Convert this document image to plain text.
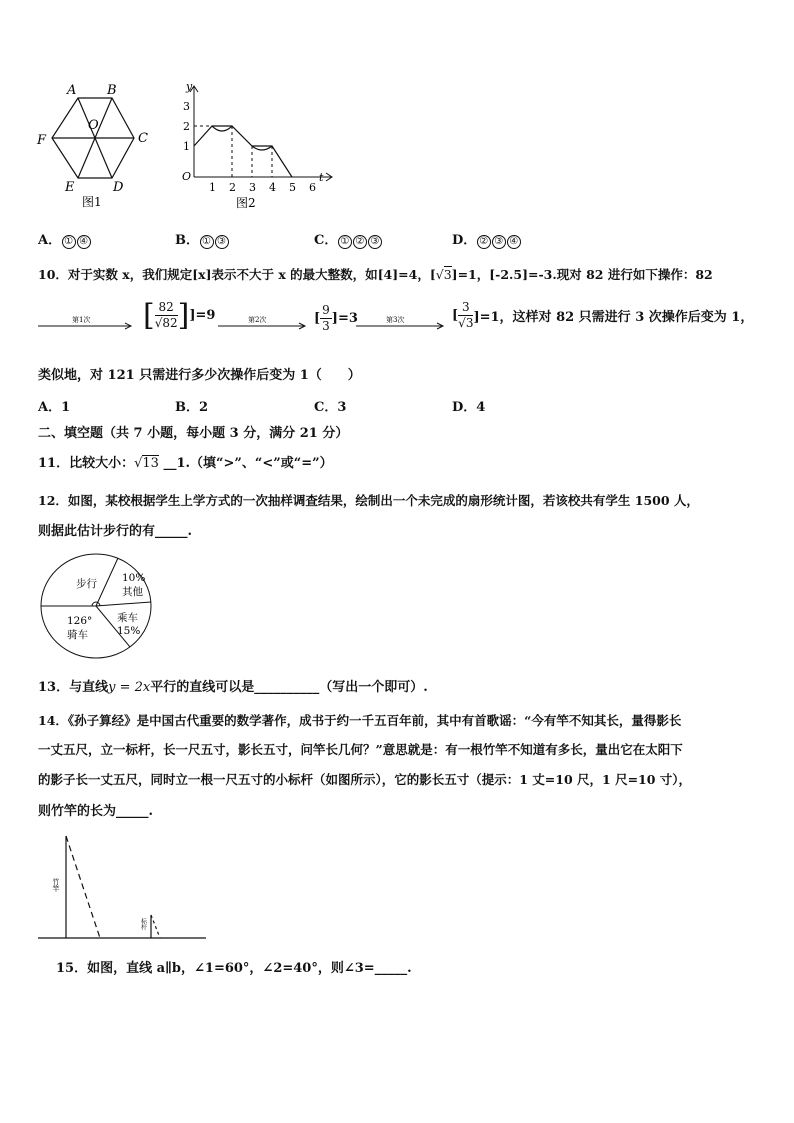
A B
C
D
E
F
O
图1
y
t
O
1
2
3
1 2 3 4 5 6
图2
A． ① ④	B． ① ③	C． ① ② ③	D． ② ③ ④
10．对于实数 x，我们规定[x]表示不大于 x 的最大整数，如[4]=4，[√3]=1，[-2.5]=-3.现对 82 进行如下操作：82
第1次 [ $\frac{82}{√82} ]]=9$	第2次	[ $\frac{9}{3} ]=3$	第3次	[ $\frac{3}{√3} ]=1$，这样对 82 只需进行 3 次操作后变为 1，
类似地，对 121 只需进行多少次操作后变为 1（　　）
A．1	B．2	C．3	D．4
二、填空题（共 7 小题，每小题 3 分，满分 21 分）
11．比较大小：√13 __1.（填“>”、“<”或“=”）
12．如图，某校根据学生上学方式的一次抽样调查结果，绘制出一个未完成的扇形统计图，若该校共有学生 1500 人，
则据此估计步行的有_____.
步行 10%
其他
乘车
15%
126°
骑车
13．与直线y = 2x平行的直线可以是__________（写出一个即可）.
14．《孙子算经》是中国古代重要的数学著作，成书于约一千五百年前，其中有首歌谣：“今有竿不知其长，量得影长
一丈五尺，立一标杆，长一尺五寸，影长五寸，问竿长几何？”意思就是：有一根竹竿不知道有多长，量出它在太阳下
的影子长一丈五尺，同时立一根一尺五寸的小标杆（如图所示），它的影长五寸（提示：1 丈=10 尺，1 尺=10 寸），
则竹竿的长为_____.
竹竿
标杆
15．如图，直线 a∥b，∠1=60°，∠2=40°，则∠3=_____.
